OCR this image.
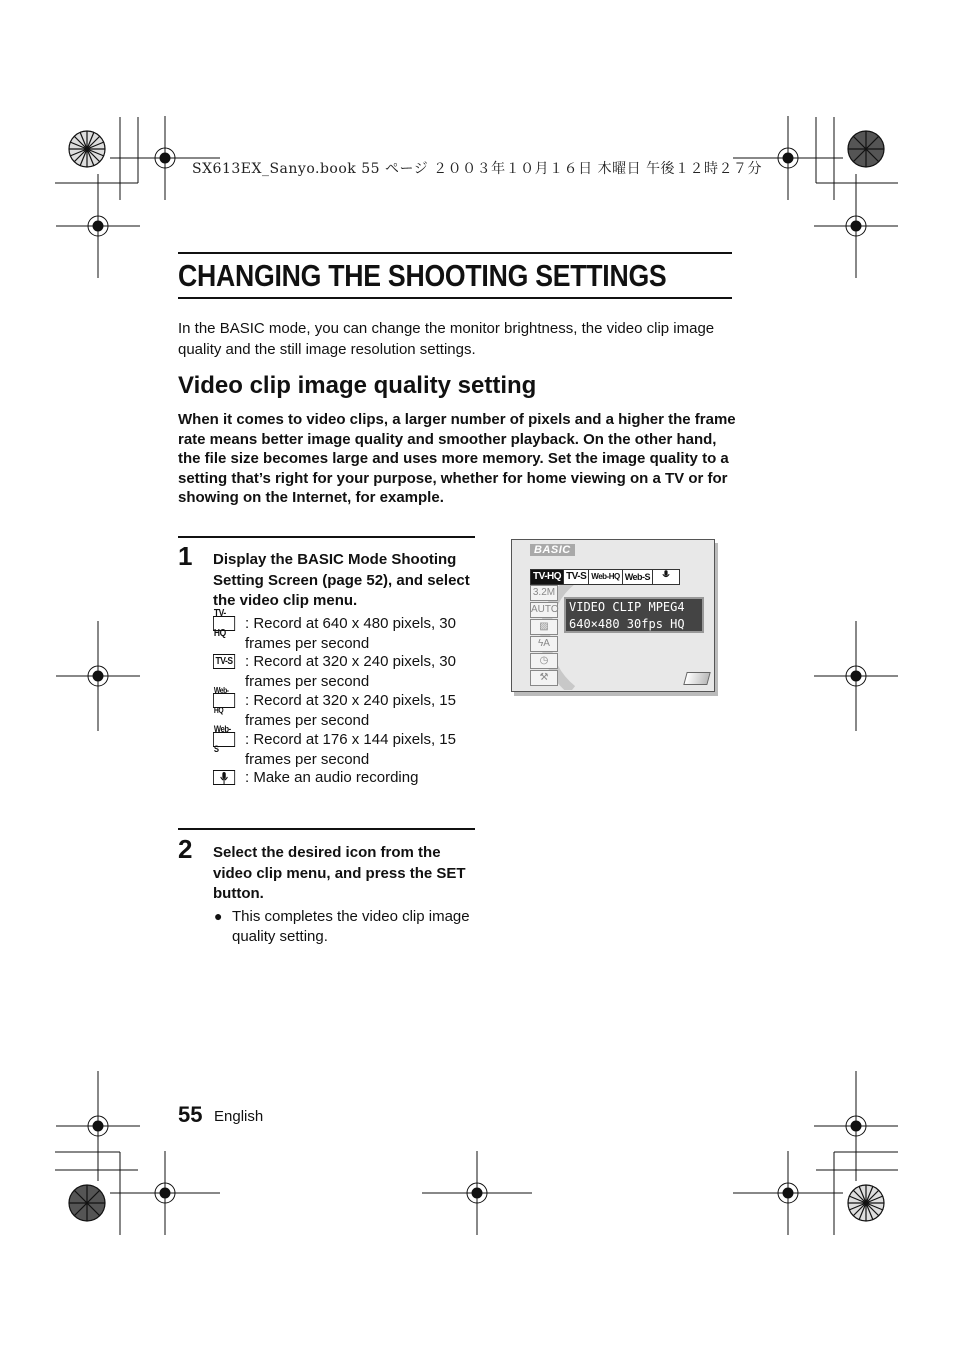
SX613EX_Sanyo.book 55 ページ ２００３年１０月１６日 木曜日 午後１２時２７分
CHANGING THE SHOOTING SETTINGS
In the BASIC mode, you can change the monitor brightness, the video clip image quality and the still image resolution settings.
Video clip image quality setting
When it comes to video clips, a larger number of pixels and a higher the frame rate means better image quality and smoother playback. On the other hand, the file size becomes large and uses more memory. Set the image quality to a setting that’s right for your purpose, whether for home viewing on a TV or for showing on the Internet, for example.
1 Display the BASIC Mode Shooting Setting Screen (page 52), and select the video clip menu.
TV-HQ
: Record at 640 x 480 pixels, 30 frames per second
TV-S : Record at 320 x 240 pixels, 30 frames per second
Web-HQ
: Record at 320 x 240 pixels, 15 frames per second
Web-S
: Record at 176 x 144 pixels, 15 frames per second
: Make an audio recording
2 Select the desired icon from the video clip menu, and press the SET button.
● This completes the video clip image quality setting.
BASIC
TV-HQ TV-S Web-HQ Web-S
3.2M
AUTO
▨
ϟA
◷
⚒
VIDEO CLIP MPEG4
640×480 30fps HQ
55 English
